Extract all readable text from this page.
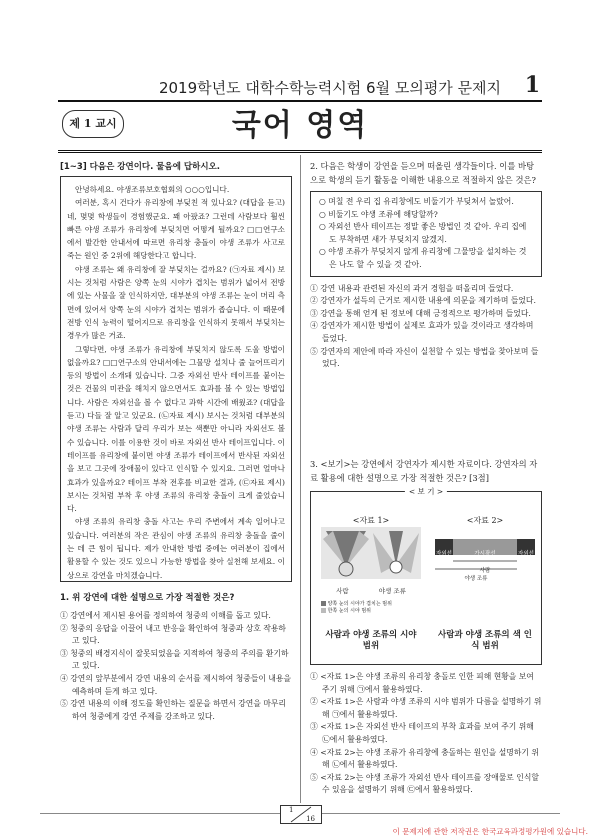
2019학년도 대학수학능력시험 6월 모의평가 문제지	1
제 1 교시	국어 영역
[1~3] 다음은 강연이다. 물음에 답하시오.

안녕하세요. 야생조류보호협회의 ○○○입니다.

여러분, 혹시 건다가 유리창에 부딪친 적 있나요? (대답을 듣고) 네, 몇몇 학생들이 경험했군요. 꽤 아팠죠? 그런데 사람보다 훨씬 빠른 야생 조류가 유리창에 부딪치면 어떻게 될까요? □□연구소에서 발간한 안내서에 따르면 유리창 충돌이 야생 조류가 사고로 죽는 원인 중 2위에 해당한다고 합니다.

야생 조류는 왜 유리창에 잘 부딪치는 걸까요? (㉠자료 제시) 보시는 것처럼 사람은 양쪽 눈의 시야가 겹치는 범위가 넓어서 전방에 있는 사물을 잘 인식하지만, 대부분의 야생 조류는 눈이 머리 측면에 있어서 양쪽 눈의 시야가 겹치는 범위가 좁습니다. 이 때문에 전방 인식 능력이 떨어지므로 유리창을 인식하지 못해서 부딪치는 경우가 많은 거죠.

그렇다면, 야생 조류가 유리창에 부딪치지 않도록 도울 방법이 없을까요? □□연구소의 안내서에는 그물망 설치나 줄 늘어뜨리기 등의 방법이 소개돼 있습니다. 그중 자외선 반사 테이프를 붙이는 것은 건물의 미관을 해치지 않으면서도 효과를 볼 수 있는 방법입니다. 사람은 자외선을 볼 수 없다고 과학 시간에 배웠죠? (대답을 듣고) 다들 잘 알고 있군요. (㉡자료 제시) 보시는 것처럼 대부분의 야생 조류는 사람과 달리 우리가 보는 색뿐만 아니라 자외선도 볼 수 있습니다. 이를 이용한 것이 바로 자외선 반사 테이프입니다. 이 테이프를 유리창에 붙이면 야생 조류가 테이프에서 반사된 자외선을 보고 그곳에 장애물이 있다고 인식할 수 있지요. 그러면 얼마나 효과가 있을까요? 테이프 부착 전후를 비교한 결과, (㉢자료 제시) 보시는 것처럼 부착 후 야생 조류의 유리창 충돌이 크게 줄었습니다.

야생 조류의 유리창 충돌 사고는 우리 주변에서 계속 일어나고 있습니다. 여러분의 작은 관심이 야생 조류의 유리창 충돌을 줄이는 데 큰 힘이 됩니다. 제가 안내한 방법 중에는 여러분이 집에서 활용할 수 있는 것도 있으니 가능한 방법을 찾아 실천해 보세요. 이상으로 강연을 마치겠습니다.

1. 위 강연에 대한 설명으로 가장 적절한 것은?

① 강연에서 제시된 용어를 정의하여 청중의 이해를 돕고 있다.

② 청중의 응답을 이끌어 내고 반응을 확인하여 청중과 상호 작용하고 있다.

③ 청중의 배경지식이 잘못되었음을 지적하여 청중의 주의를 환기하고 있다.

④ 강연의 앞부분에서 강연 내용의 순서를 제시하여 청중들이 내용을 예측하며 듣게 하고 있다.

⑤ 강연 내용의 이해 정도를 확인하는 질문을 하면서 강연을 마무리하여 청중에게 강연 주제를 강조하고 있다.

2. 다음은 학생이 강연을 듣으며 떠올린 생각들이다. 이를 바탕으로 학생의 듣기 활동을 이해한 내용으로 적절하지 않은 것은?

○ 며칠 전 우리 집 유리창에도 비둘기가 부딪쳐서 놀랐어.

○ 비둘기도 야생 조류에 해당할까?

○ 자외선 반사 테이프는 정말 좋은 방법인 것 같아. 우리 집에도 부착하면 새가 부딪치지 않겠지.

○ 야생 조류가 부딪치지 않게 유리창에 그물망을 설치하는 것은 나도 할 수 있을 것 같아.

① 강연 내용과 관련된 자신의 과거 경험을 떠올리며 들었다.

② 강연자가 설득의 근거로 제시한 내용에 의문을 제기하며 들었다.

③ 강연을 통해 얻게 된 정보에 대해 긍정적으로 평가하며 들었다.

④ 강연자가 제시한 방법이 실제로 효과가 있을 것이라고 생각하며 들었다.

⑤ 강연자의 제안에 따라 자신이 실천할 수 있는 방법을 찾아보며 들었다.

3. <보기>는 강연에서 강연자가 제시한 자료이다. 강연자의 자료 활용에 대한 설명으로 가장 적절한 것은? [3점]
< 보 기 >
<자료 1>
사람	야생 조류
양쪽 눈의 시야가 겹치는 범위
한쪽 눈의 시야 범위
사람과 야생 조류의 시야 범위
<자료 2>
자외선	가시광선	자외선
사람
야생 조류
사람과 야생 조류의 색 인식 범위

① <자료 1>은 야생 조류의 유리창 충돌로 인한 피해 현황을 보여 주기 위해 ㉠에서 활용하였다.

② <자료 1>은 사람과 야생 조류의 시야 범위가 다름을 설명하기 위해 ㉠에서 활용하였다.

③ <자료 1>은 자외선 반사 테이프의 부착 효과를 보여 주기 위해 ㉡에서 활용하였다.

④ <자료 2>는 야생 조류가 유리창에 충돌하는 원인을 설명하기 위해 ㉡에서 활용하였다.

⑤ <자료 2>는 야생 조류가 자외선 반사 테이프를 장애물로 인식할 수 있음을 설명하기 위해 ㉢에서 활용하였다.

1
16
이 문제지에 관한 저작권은 한국교육과정평가원에 있습니다.
